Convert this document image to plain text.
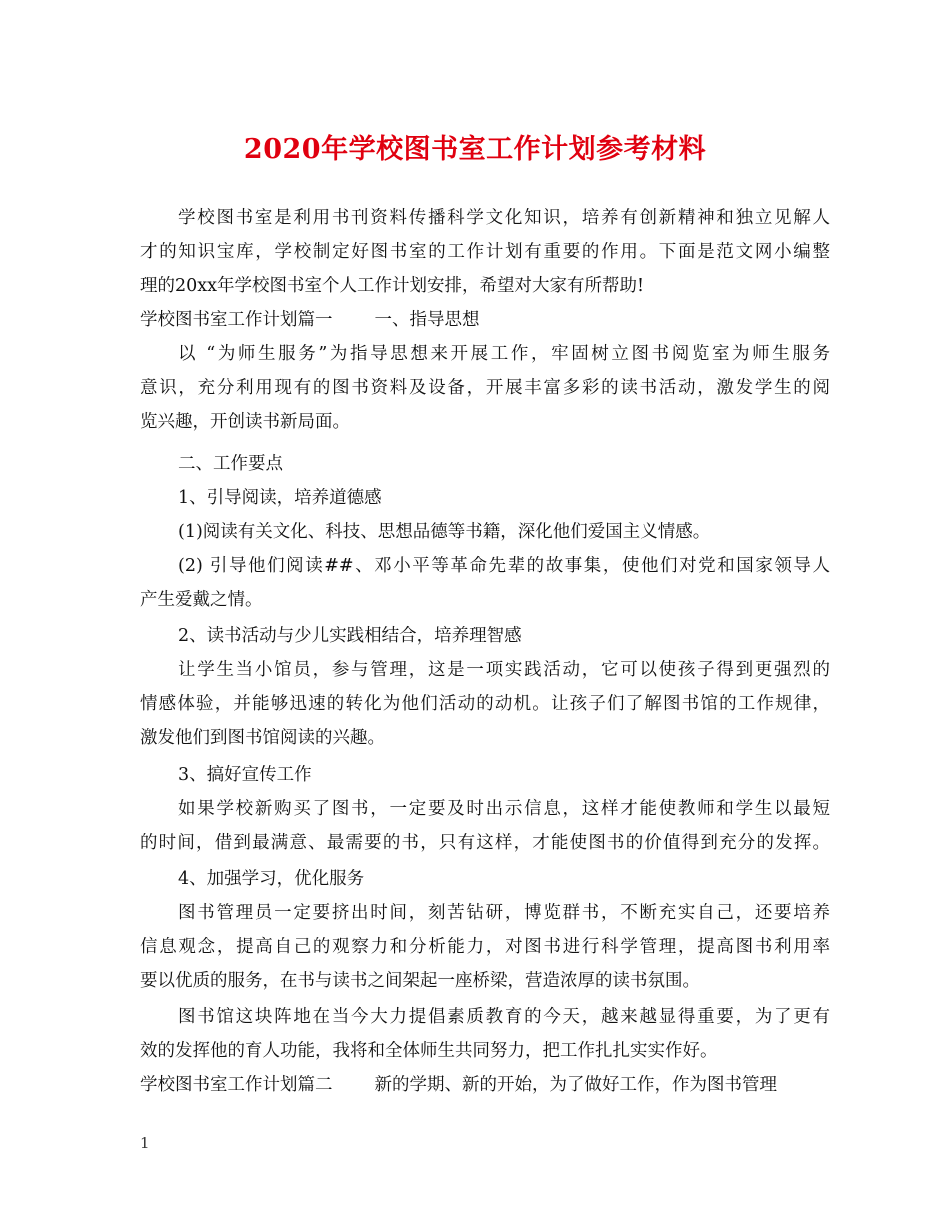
2020年学校图书室工作计划参考材料
学校图书室是利用书刊资料传播科学文化知识，培养有创新精神和独立见解人
才的知识宝库，学校制定好图书室的工作计划有重要的作用。下面是范文网小编整
理的20xx年学校图书室个人工作计划安排，希望对大家有所帮助!
学校图书室工作计划篇一 一、指导思想
以 “为师生服务”为指导思想来开展工作，牢固树立图书阅览室为师生服务
意识，充分利用现有的图书资料及设备，开展丰富多彩的读书活动，激发学生的阅
览兴趣，开创读书新局面。
二、工作要点
1、引导阅读，培养道德感
(1)阅读有关文化、科技、思想品德等书籍，深化他们爱国主义情感。
(2) 引导他们阅读##、邓小平等革命先辈的故事集，使他们对党和国家领导人
产生爱戴之情。
2、读书活动与少儿实践相结合，培养理智感
让学生当小馆员，参与管理，这是一项实践活动，它可以使孩子得到更强烈的
情感体验，并能够迅速的转化为他们活动的动机。让孩子们了解图书馆的工作规律，
激发他们到图书馆阅读的兴趣。
3、搞好宣传工作
如果学校新购买了图书，一定要及时出示信息，这样才能使教师和学生以最短
的时间，借到最满意、最需要的书，只有这样，才能使图书的价值得到充分的发挥。
4、加强学习，优化服务
图书管理员一定要挤出时间，刻苦钻研，博览群书，不断充实自己，还要培养
信息观念，提高自己的观察力和分析能力，对图书进行科学管理，提高图书利用率
要以优质的服务，在书与读书之间架起一座桥梁，营造浓厚的读书氛围。
图书馆这块阵地在当今大力提倡素质教育的今天，越来越显得重要，为了更有
效的发挥他的育人功能，我将和全体师生共同努力，把工作扎扎实实作好。
学校图书室工作计划篇二 新的学期、新的开始，为了做好工作，作为图书管理
1
